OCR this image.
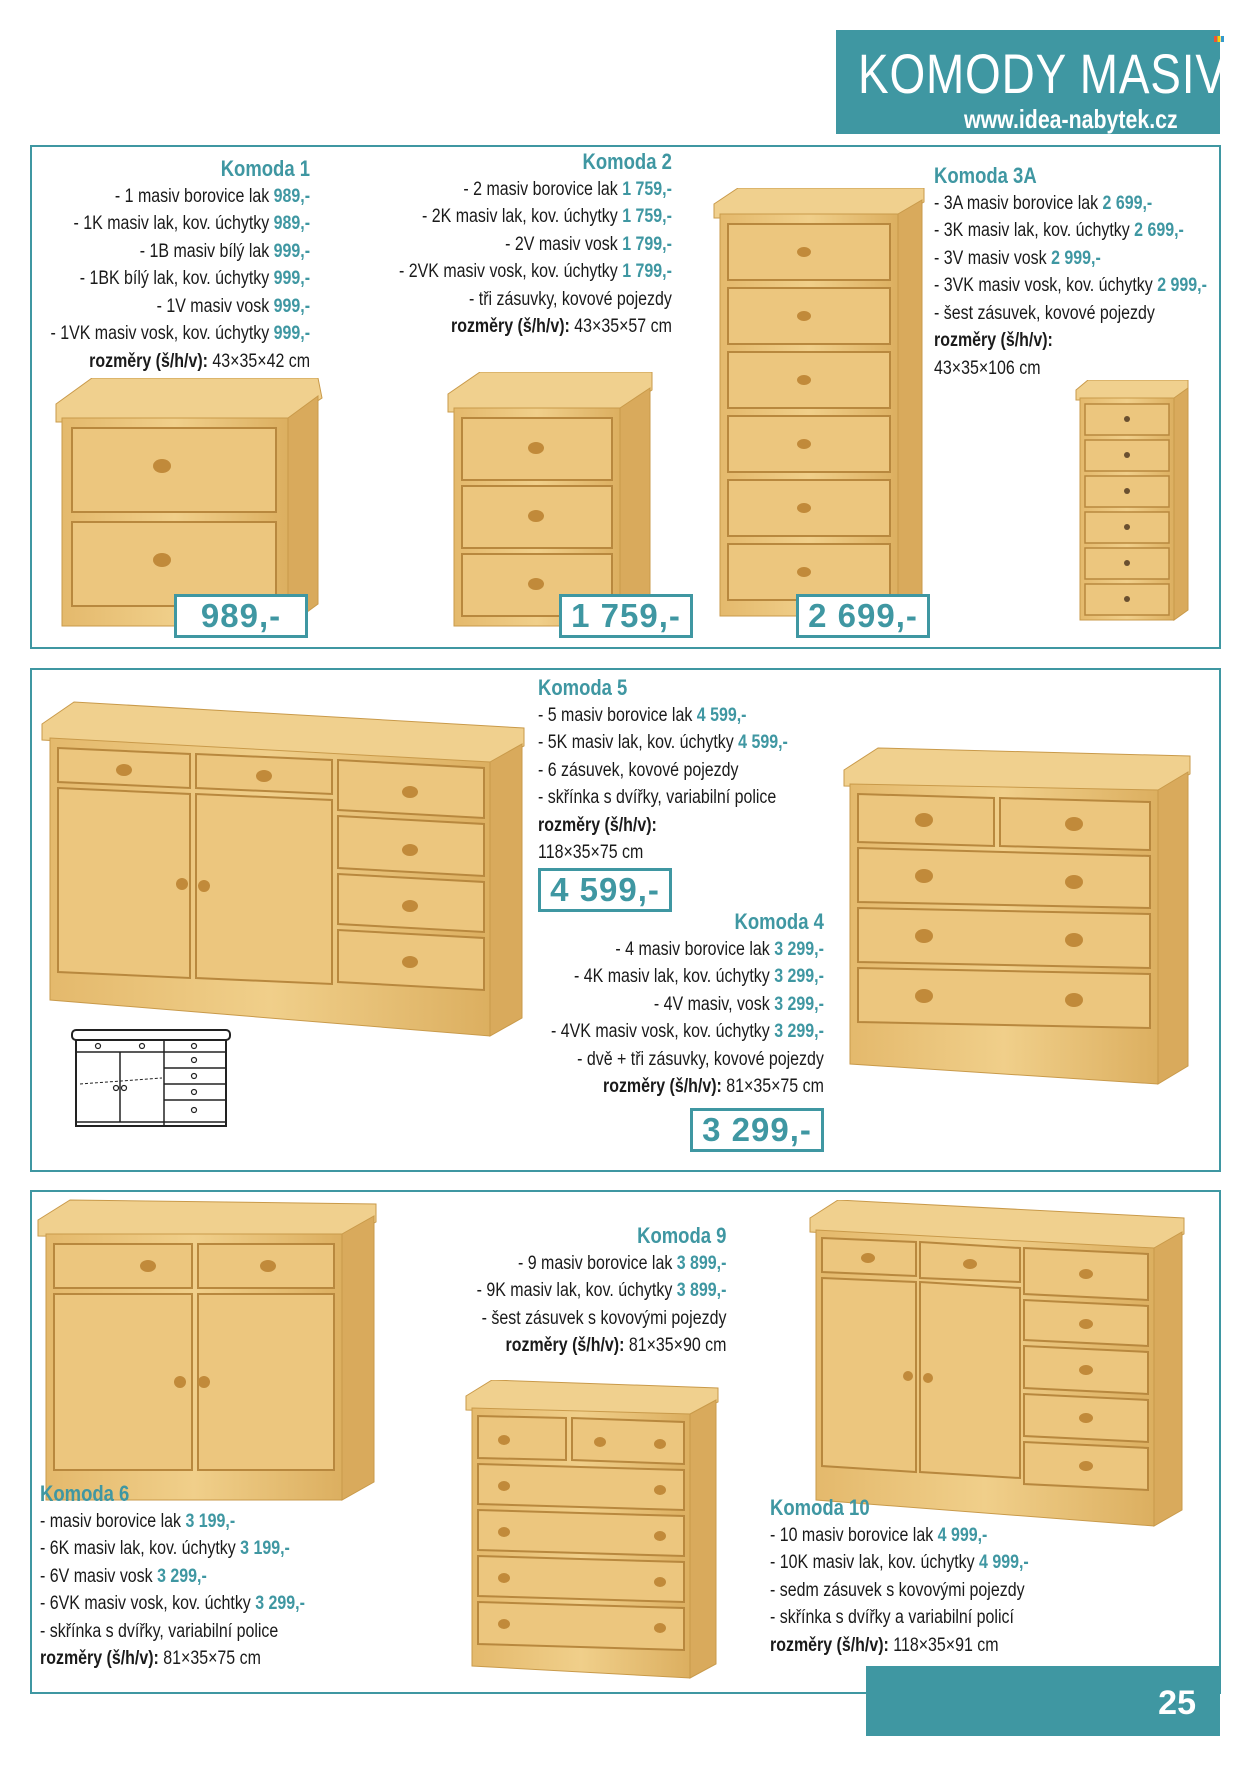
KOMODY MASIV
www.idea-nabytek.cz
Komoda 1
- 1 masiv borovice lak 989,-
- 1K masiv lak, kov. úchytky 989,-
- 1B masiv bílý lak 999,-
- 1BK bílý lak, kov. úchytky 999,-
- 1V masiv vosk 999,-
- 1VK masiv vosk, kov. úchytky 999,-
rozměry (š/h/v): 43×35×42 cm
989,-
Komoda 2
- 2 masiv borovice lak 1 759,-
- 2K masiv lak, kov. úchytky 1 759,-
- 2V masiv vosk 1 799,-
- 2VK masiv vosk, kov. úchytky 1 799,-
- tři zásuvky, kovové pojezdy
rozměry (š/h/v): 43×35×57 cm
1 759,-	2 699,-
Komoda 3A
- 3A masiv borovice lak 2 699,-
- 3K masiv lak, kov. úchytky 2 699,-
- 3V masiv vosk 2 999,-
- 3VK masiv vosk, kov. úchytky 2 999,-
- šest zásuvek, kovové pojezdy
rozměry (š/h/v):
43×35×106 cm
Komoda 5
- 5 masiv borovice lak 4 599,-
- 5K masiv lak, kov. úchytky 4 599,-
- 6 zásuvek, kovové pojezdy
- skřínka s dvířky, variabilní police
rozměry (š/h/v):
118×35×75 cm
4 599,-
Komoda 4
- 4 masiv borovice lak 3 299,-
- 4K masiv lak, kov. úchytky 3 299,-
- 4V masiv, vosk 3 299,-
- 4VK masiv vosk, kov. úchytky 3 299,-
- dvě + tři zásuvky, kovové pojezdy
rozměry (š/h/v): 81×35×75 cm
3 299,-
Komoda 6
- masiv borovice lak 3 199,-
- 6K masiv lak, kov. úchytky 3 199,-
- 6V masiv vosk 3 299,-
- 6VK masiv vosk, kov. úchtky 3 299,-
- skřínka s dvířky, variabilní police
rozměry (š/h/v): 81×35×75 cm
Komoda 9
- 9 masiv borovice lak 3 899,-
- 9K masiv lak, kov. úchytky 3 899,-
- šest zásuvek s kovovými pojezdy
rozměry (š/h/v): 81×35×90 cm
Komoda 10
- 10 masiv borovice lak 4 999,-
- 10K masiv lak, kov. úchytky 4 999,-
- sedm zásuvek s kovovými pojezdy
- skřínka s dvířky a variabilní policí
rozměry (š/h/v): 118×35×91 cm
25
